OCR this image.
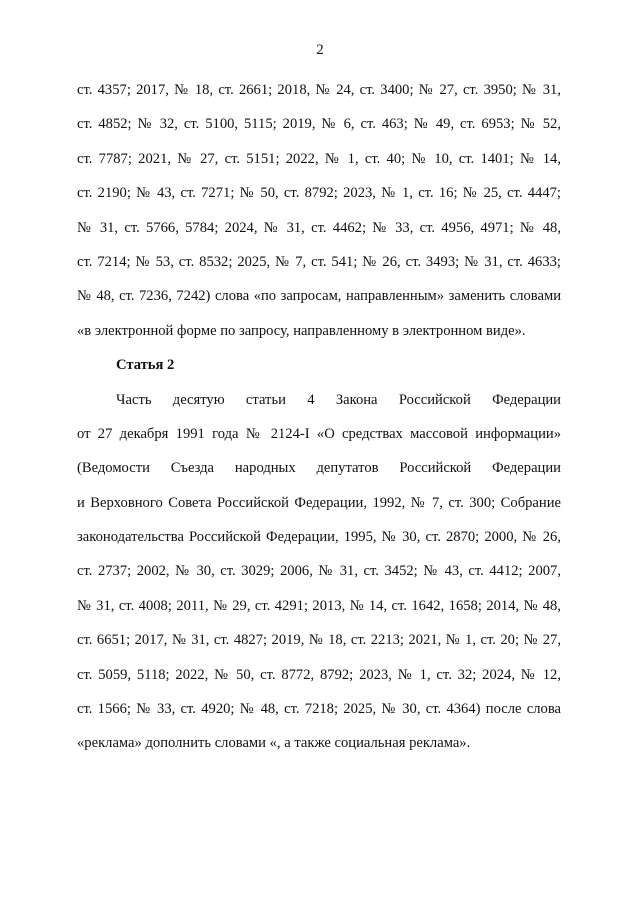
2
ст. 4357; 2017, № 18, ст. 2661; 2018, № 24, ст. 3400; № 27, ст. 3950; № 31,
ст. 4852; № 32, ст. 5100, 5115; 2019, № 6, ст. 463; № 49, ст. 6953; № 52,
ст. 7787; 2021, № 27, ст. 5151; 2022, № 1, ст. 40; № 10, ст. 1401; № 14,
ст. 2190; № 43, ст. 7271; № 50, ст. 8792; 2023, № 1, ст. 16; № 25, ст. 4447;
№ 31, ст. 5766, 5784; 2024, № 31, ст. 4462; № 33, ст. 4956, 4971; № 48,
ст. 7214; № 53, ст. 8532; 2025, № 7, ст. 541; № 26, ст. 3493; № 31, ст. 4633;
№ 48, ст. 7236, 7242) слова «по запросам, направленным» заменить словами
«в электронной форме по запросу, направленному в электронном виде».
Статья 2
Часть десятую статьи 4 Закона Российской Федерации
от 27 декабря 1991 года № 2124-I «О средствах массовой информации»
(Ведомости Съезда народных депутатов Российской Федерации
и Верховного Совета Российской Федерации, 1992, № 7, ст. 300; Собрание
законодательства Российской Федерации, 1995, № 30, ст. 2870; 2000, № 26,
ст. 2737; 2002, № 30, ст. 3029; 2006, № 31, ст. 3452; № 43, ст. 4412; 2007,
№ 31, ст. 4008; 2011, № 29, ст. 4291; 2013, № 14, ст. 1642, 1658; 2014, № 48,
ст. 6651; 2017, № 31, ст. 4827; 2019, № 18, ст. 2213; 2021, № 1, ст. 20; № 27,
ст. 5059, 5118; 2022, № 50, ст. 8772, 8792; 2023, № 1, ст. 32; 2024, № 12,
ст. 1566; № 33, ст. 4920; № 48, ст. 7218; 2025, № 30, ст. 4364) после слова
«реклама» дополнить словами «, а также социальная реклама».
